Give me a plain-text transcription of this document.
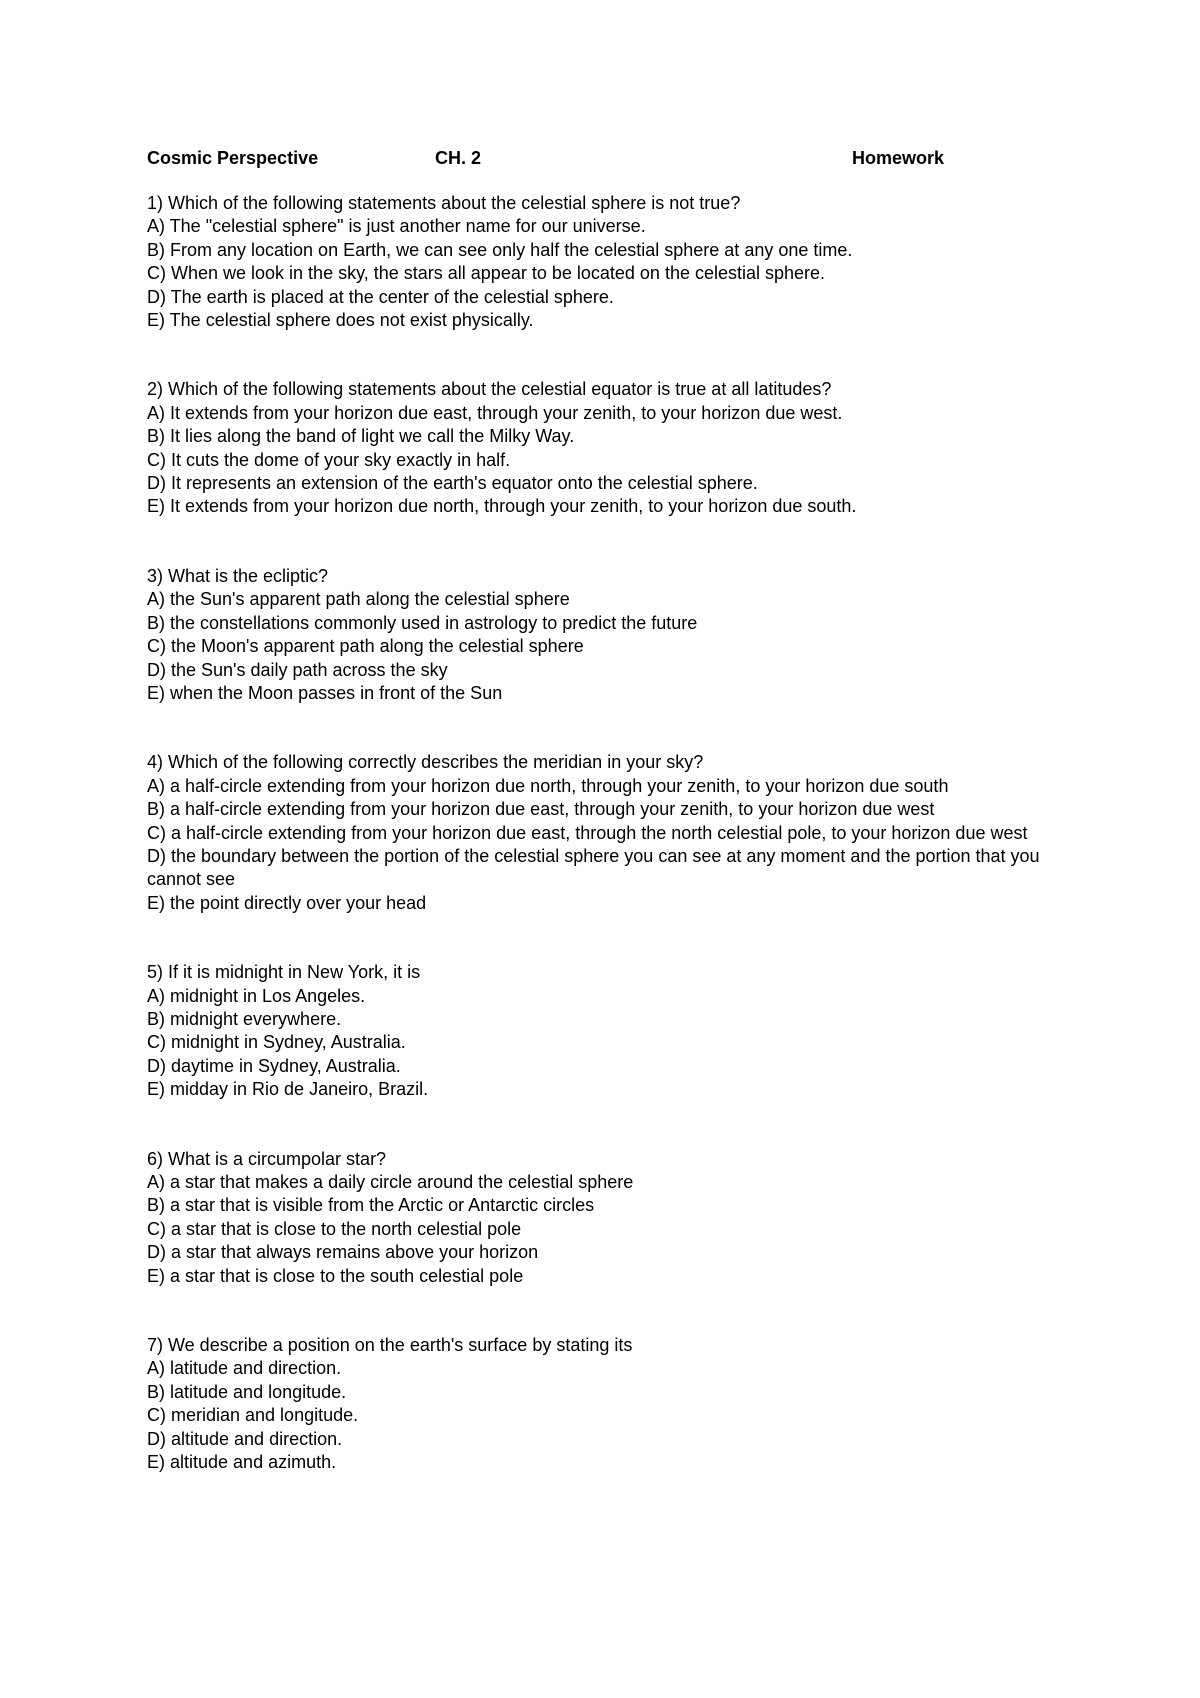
Cosmic Perspective	CH. 2	Homework
1) Which of the following statements about the celestial sphere is not true?
A) The "celestial sphere" is just another name for our universe.
B) From any location on Earth, we can see only half the celestial sphere at any one time.
C) When we look in the sky, the stars all appear to be located on the celestial sphere.
D) The earth is placed at the center of the celestial sphere.
E) The celestial sphere does not exist physically.
2) Which of the following statements about the celestial equator is true at all latitudes?
A) It extends from your horizon due east, through your zenith, to your horizon due west.
B) It lies along the band of light we call the Milky Way.
C) It cuts the dome of your sky exactly in half.
D) It represents an extension of the earth's equator onto the celestial sphere.
E) It extends from your horizon due north, through your zenith, to your horizon due south.
3) What is the ecliptic?
A) the Sun's apparent path along the celestial sphere
B) the constellations commonly used in astrology to predict the future
C) the Moon's apparent path along the celestial sphere
D) the Sun's daily path across the sky
E) when the Moon passes in front of the Sun
4) Which of the following correctly describes the meridian in your sky?
A) a half-circle extending from your horizon due north, through your zenith, to your horizon due south
B) a half-circle extending from your horizon due east, through your zenith, to your horizon due west
C) a half-circle extending from your horizon due east, through the north celestial pole, to your horizon due west
D) the boundary between the portion of the celestial sphere you can see at any moment and the portion that you cannot see
E) the point directly over your head
5) If it is midnight in New York, it is
A) midnight in Los Angeles.
B) midnight everywhere.
C) midnight in Sydney, Australia.
D) daytime in Sydney, Australia.
E) midday in Rio de Janeiro, Brazil.
6) What is a circumpolar star?
A) a star that makes a daily circle around the celestial sphere
B) a star that is visible from the Arctic or Antarctic circles
C) a star that is close to the north celestial pole
D) a star that always remains above your horizon
E) a star that is close to the south celestial pole
7) We describe a position on the earth's surface by stating its
A) latitude and direction.
B) latitude and longitude.
C) meridian and longitude.
D) altitude and direction.
E) altitude and azimuth.
